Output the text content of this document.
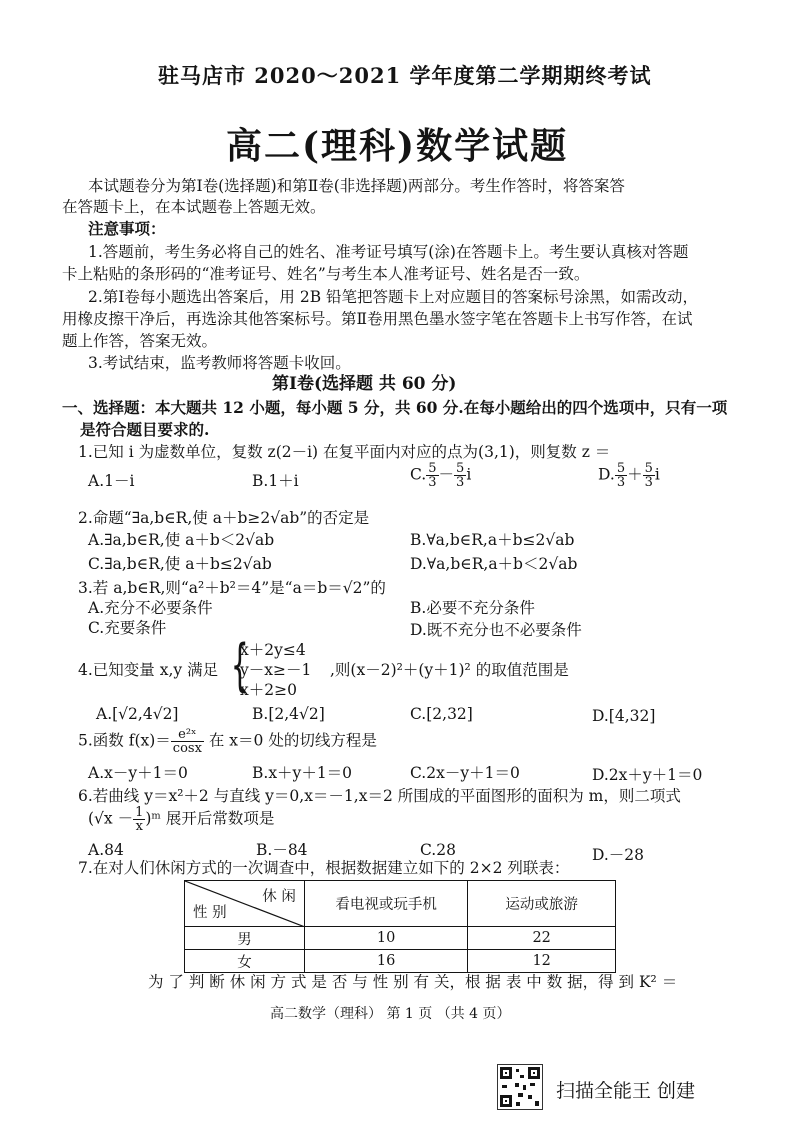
驻马店市 2020～2021 学年度第二学期期终考试
高二(理科)数学试题
本试题卷分为第Ⅰ卷(选择题)和第Ⅱ卷(非选择题)两部分。考生作答时，将答案答
在答题卡上，在本试题卷上答题无效。
注意事项：
1.答题前，考生务必将自己的姓名、准考证号填写(涂)在答题卡上。考生要认真核对答题
卡上粘贴的条形码的“准考证号、姓名”与考生本人准考证号、姓名是否一致。
2.第Ⅰ卷每小题选出答案后，用 2B 铅笔把答题卡上对应题目的答案标号涂黑，如需改动，
用橡皮擦干净后，再选涂其他答案标号。第Ⅱ卷用黑色墨水签字笔在答题卡上书写作答，在试
题上作答，答案无效。
3.考试结束，监考教师将答题卡收回。
第Ⅰ卷(选择题 共 60 分)
一、选择题：本大题共 12 小题，每小题 5 分，共 60 分.在每小题给出的四个选项中，只有一项
是符合题目要求的.
1.已知 i 为虚数单位，复数 z(2－i) 在复平面内对应的点为(3,1)，则复数 z ＝
A.1－i	B.1＋i	C. $\frac{5}{3} - \frac{5}{3}$ i	D. $\frac{5}{3} + \frac{5}{3}$ i
2.命题“∃a,b∈R,使 a＋b≥2√ab”的否定是
A.∃a,b∈R,使 a＋b＜2√ab	B.∀a,b∈R,a＋b≤2√ab
C.∃a,b∈R,使 a＋b≤2√ab	D.∀a,b∈R,a＋b＜2√ab
3.若 a,b∈R,则“a²＋b²＝4”是“a＝b＝√2”的
A.充分不必要条件	B.必要不充分条件
C.充要条件	D.既不充分也不必要条件
4.已知变量 x,y 满足 {
x＋2y≤4
y－x≥－1
x＋2≥0
,则(x－2)²＋(y＋1)² 的取值范围是
A.[√2,4√2]	B.[2,4√2]	C.[2,32]	D.[4,32]
5.函数 $f(x)= \frac{\text{e²ˣ}}{\cos x}$ 在 x＝0 处的切线方程是
A.x－y＋1＝0	B.x＋y＋1＝0	C.2x－y＋1＝0	D.2x＋y＋1＝0
6.若曲线 y＝x²＋2 与直线 y＝0,x＝－1,x＝2 所围成的平面图形的面积为 m，则二项式
($√x - \frac{1}{x}$ )ᵐ 展开后常数项是
A.84	B.－84	C.28	D.－28
7.在对人们休闲方式的一次调查中，根据数据建立如下的 2×2 列联表：
休 闲
性 别	看电视或玩手机	运动或旅游
男	10	22
女	16	12
为 了 判 断 休 闲 方 式 是 否 与 性 别 有 关，根 据 表 中 数 据，得 到 K² ＝
高二数学（理科） 第 1 页 （共 4 页）
扫描全能王 创建
